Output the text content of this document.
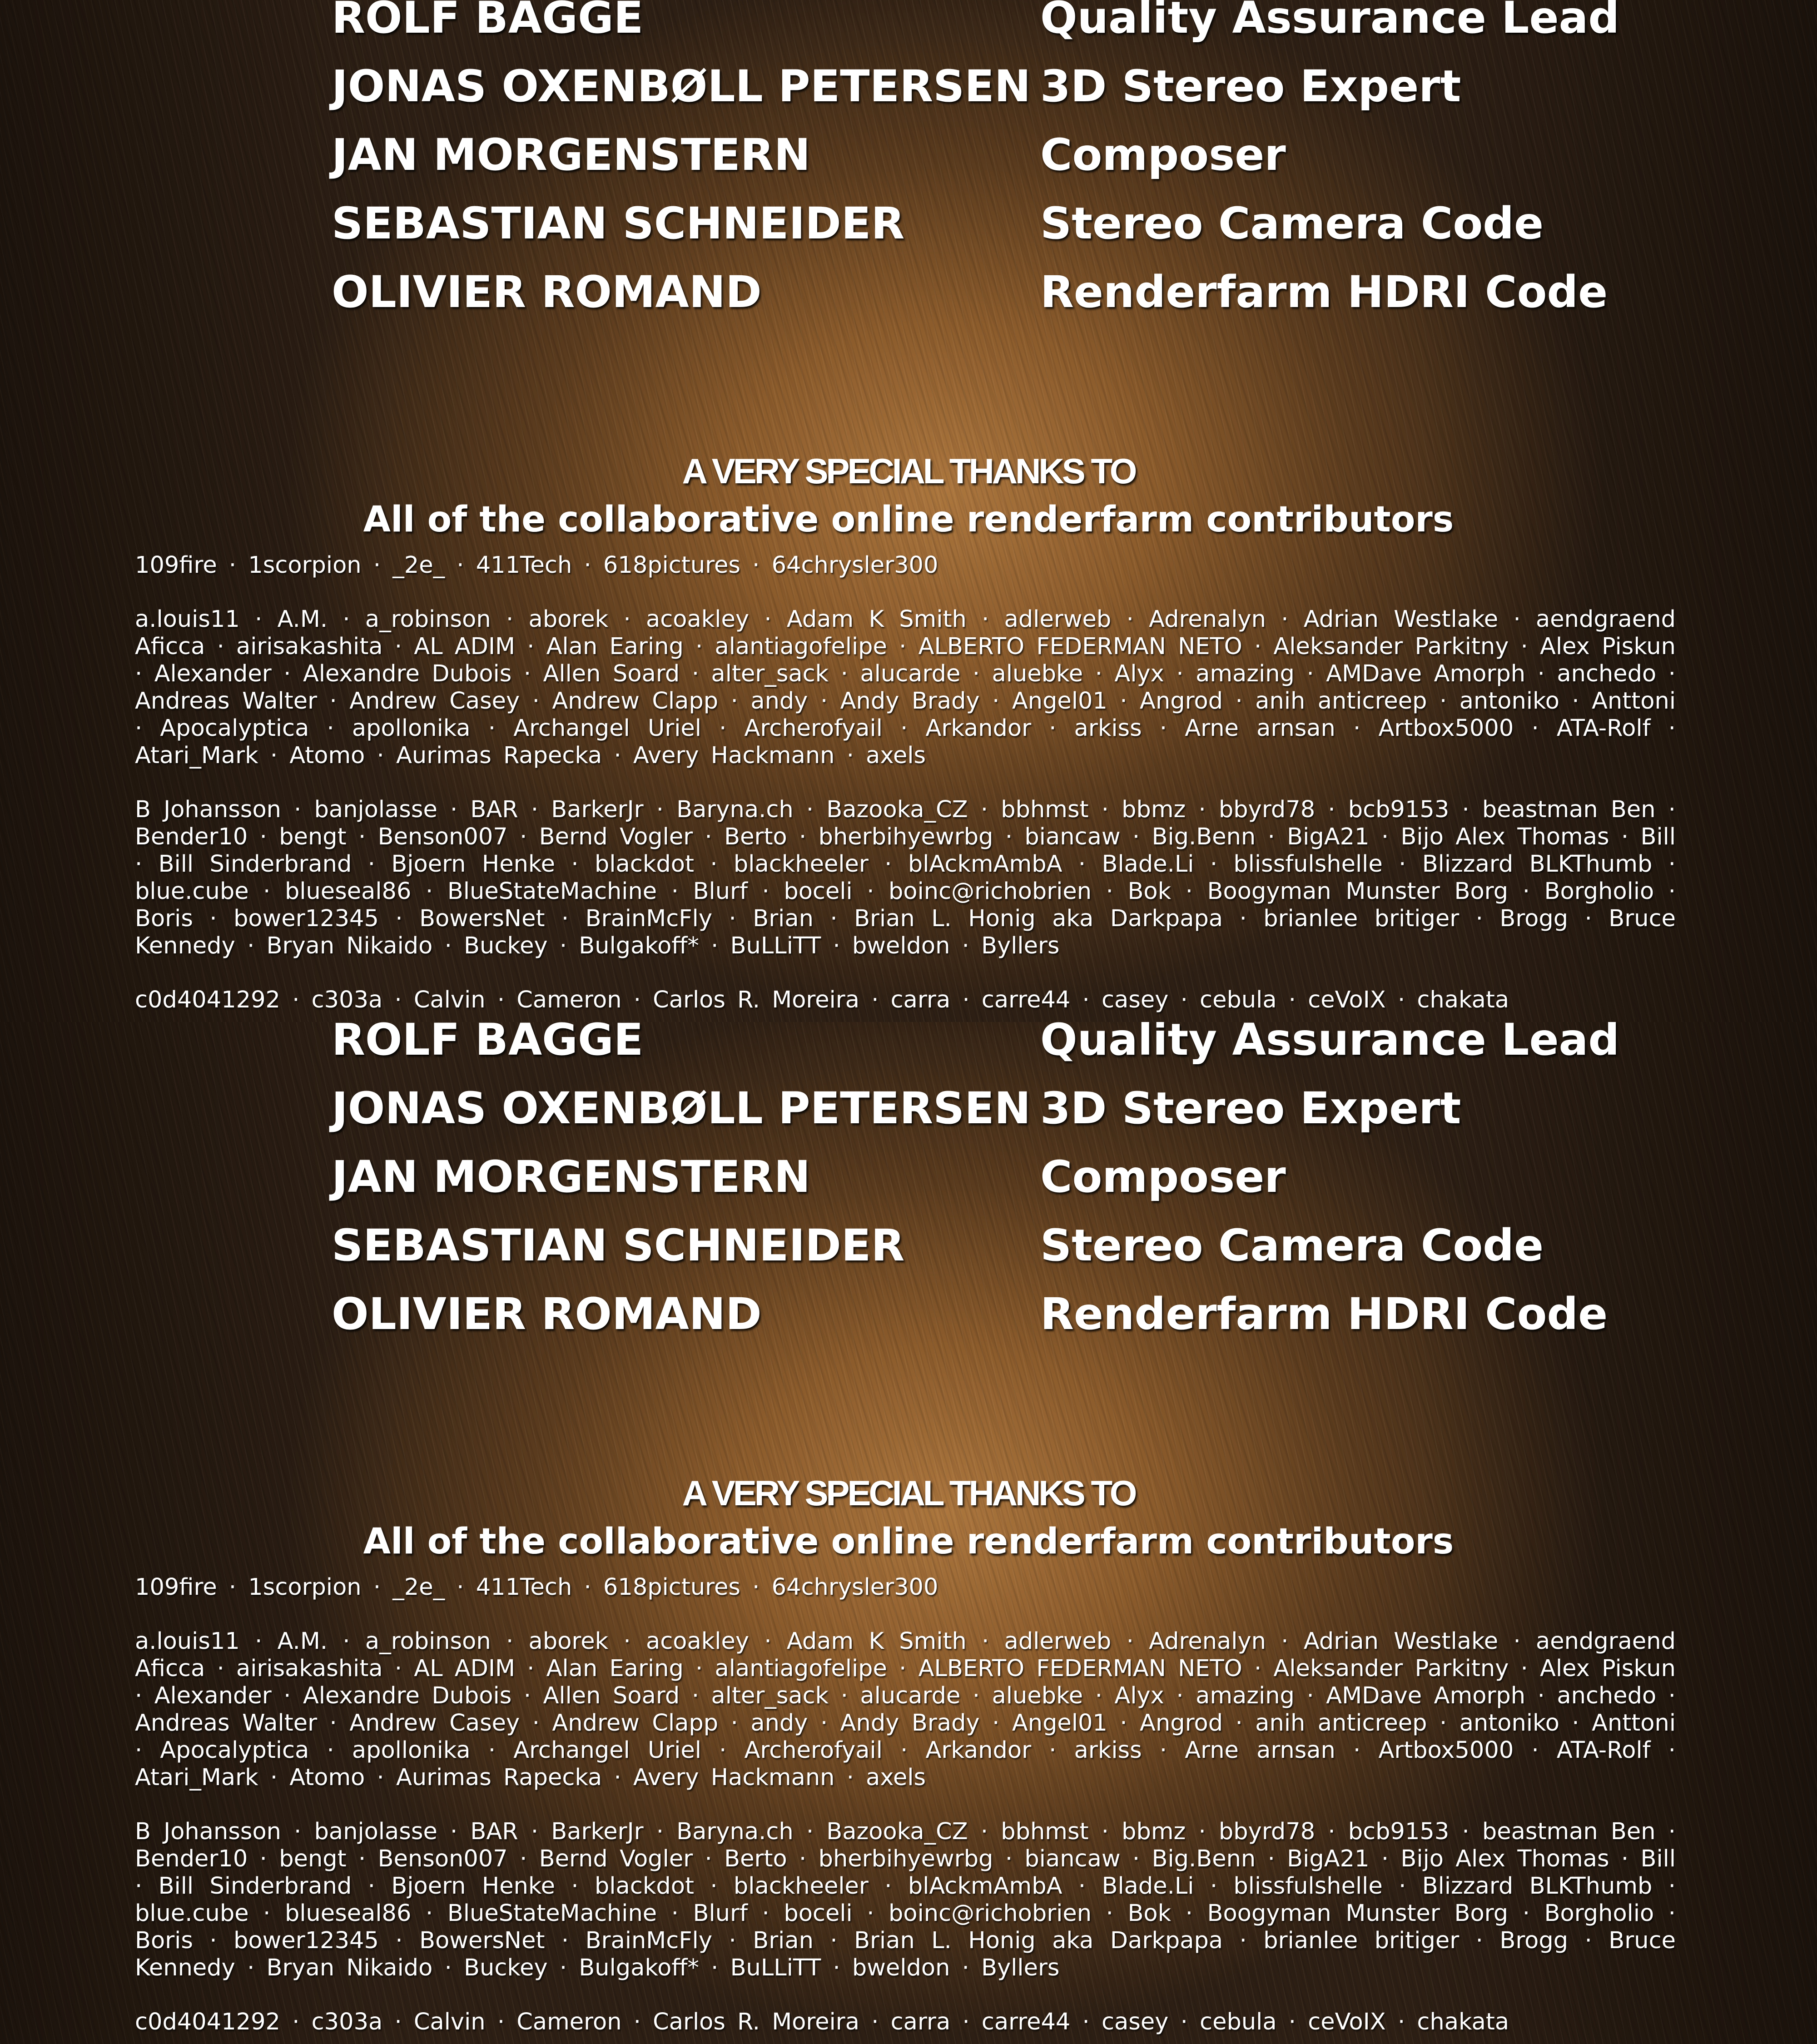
ROLF BAGGE	Quality Assurance Lead
JONAS OXENBØLL PETERSEN 3D Stereo Expert
JAN MORGENSTERN	Composer
SEBASTIAN SCHNEIDER	Stereo Camera Code
OLIVIER ROMAND	Renderfarm HDRI Code
A VERY SPECIAL THANKS TO
All of the collaborative online renderfarm contributors

109fire · 1scorpion · _2e_ · 411Tech · 618pictures · 64chrysler300

a.louis11 · A.M. · a_robinson · aborek · acoakley · Adam K Smith · adlerweb · Adrenalyn · Adrian Westlake · aendgraend Aficca · airisakashita · AL ADIM · Alan Earing · alantiagofelipe · ALBERTO FEDERMAN NETO · Aleksander Parkitny · Alex Piskun · Alexander · Alexandre Dubois · Allen Soard · alter_sack · alucarde · aluebke · Alyx · amazing · AMDave Amorph · anchedo · Andreas Walter · Andrew Casey · Andrew Clapp · andy · Andy Brady · Angel01 · Angrod · anih anticreep · antoniko · Anttoni · Apocalyptica · apollonika · Archangel Uriel · Archerofyail · Arkandor · arkiss · Arne arnsan · Artbox5000 · ATA-Rolf · Atari_Mark · Atomo · Aurimas Rapecka · Avery Hackmann · axels

B Johansson · banjolasse · BAR · BarkerJr · Baryna.ch · Bazooka_CZ · bbhmst · bbmz · bbyrd78 · bcb9153 · beastman Ben · Bender10 · bengt · Benson007 · Bernd Vogler · Berto · bherbihyewrbg · biancaw · Big.Benn · BigA21 · Bijo Alex Thomas · Bill · Bill Sinderbrand · Bjoern Henke · blackdot · blackheeler · blAckmAmbA · Blade.Li · blissfulshelle · Blizzard BLKThumb · blue.cube · blueseal86 · BlueStateMachine · Blurf · boceli · boinc@richobrien · Bok · Boogyman Munster Borg · Borgholio · Boris · bower12345 · BowersNet · BrainMcFly · Brian · Brian L. Honig aka Darkpapa · brianlee britiger · Brogg · Bruce Kennedy · Bryan Nikaido · Buckey · Bulgakoff* · BuLLiTT · bweldon · Byllers

c0d4041292 · c303a · Calvin · Cameron · Carlos R. Moreira · carra · carre44 · casey · cebula · ceVoIX · chakata

ROLF BAGGE	Quality Assurance Lead
JONAS OXENBØLL PETERSEN 3D Stereo Expert
JAN MORGENSTERN	Composer
SEBASTIAN SCHNEIDER	Stereo Camera Code
OLIVIER ROMAND	Renderfarm HDRI Code
A VERY SPECIAL THANKS TO
All of the collaborative online renderfarm contributors

109fire · 1scorpion · _2e_ · 411Tech · 618pictures · 64chrysler300

a.louis11 · A.M. · a_robinson · aborek · acoakley · Adam K Smith · adlerweb · Adrenalyn · Adrian Westlake · aendgraend Aficca · airisakashita · AL ADIM · Alan Earing · alantiagofelipe · ALBERTO FEDERMAN NETO · Aleksander Parkitny · Alex Piskun · Alexander · Alexandre Dubois · Allen Soard · alter_sack · alucarde · aluebke · Alyx · amazing · AMDave Amorph · anchedo · Andreas Walter · Andrew Casey · Andrew Clapp · andy · Andy Brady · Angel01 · Angrod · anih anticreep · antoniko · Anttoni · Apocalyptica · apollonika · Archangel Uriel · Archerofyail · Arkandor · arkiss · Arne arnsan · Artbox5000 · ATA-Rolf · Atari_Mark · Atomo · Aurimas Rapecka · Avery Hackmann · axels

B Johansson · banjolasse · BAR · BarkerJr · Baryna.ch · Bazooka_CZ · bbhmst · bbmz · bbyrd78 · bcb9153 · beastman Ben · Bender10 · bengt · Benson007 · Bernd Vogler · Berto · bherbihyewrbg · biancaw · Big.Benn · BigA21 · Bijo Alex Thomas · Bill · Bill Sinderbrand · Bjoern Henke · blackdot · blackheeler · blAckmAmbA · Blade.Li · blissfulshelle · Blizzard BLKThumb · blue.cube · blueseal86 · BlueStateMachine · Blurf · boceli · boinc@richobrien · Bok · Boogyman Munster Borg · Borgholio · Boris · bower12345 · BowersNet · BrainMcFly · Brian · Brian L. Honig aka Darkpapa · brianlee britiger · Brogg · Bruce Kennedy · Bryan Nikaido · Buckey · Bulgakoff* · BuLLiTT · bweldon · Byllers

c0d4041292 · c303a · Calvin · Cameron · Carlos R. Moreira · carra · carre44 · casey · cebula · ceVoIX · chakata
